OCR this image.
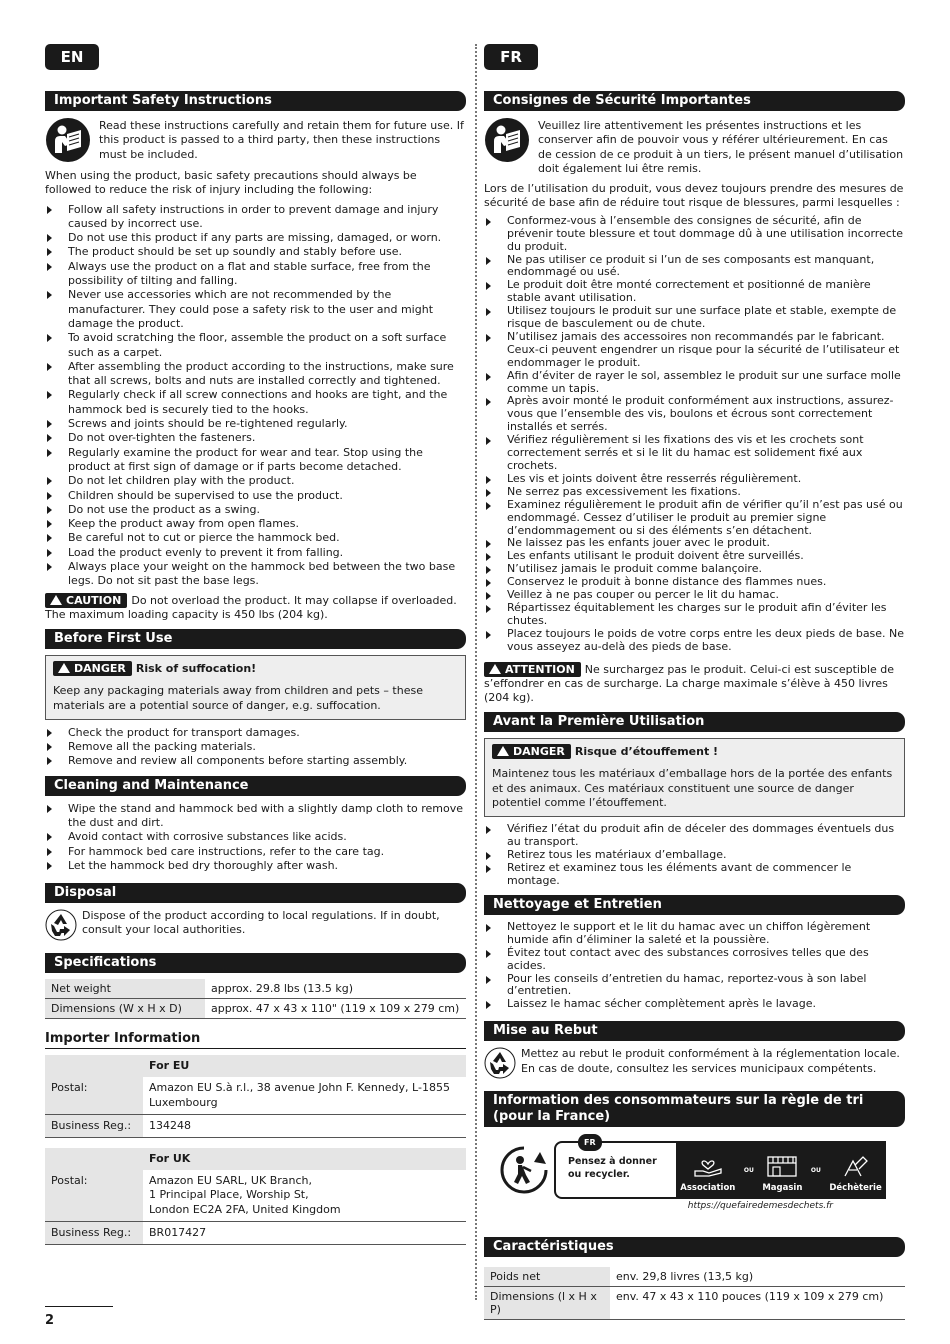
EN
Important Safety Instructions
Read these instructions carefully and retain them for future use. If this product is passed to a third party, then these instructions must be included.
When using the product, basic safety precautions should always be followed to reduce the risk of injury including the following:
Follow all safety instructions in order to prevent damage and injury caused by incorrect use.
Do not use this product if any parts are missing, damaged, or worn.
The product should be set up soundly and stably before use.
Always use the product on a flat and stable surface, free from the possibility of tilting and falling.
Never use accessories which are not recommended by the manufacturer. They could pose a safety risk to the user and might damage the product.
To avoid scratching the floor, assemble the product on a soft surface such as a carpet.
After assembling the product according to the instructions, make sure that all screws, bolts and nuts are installed correctly and tightened.
Regularly check if all screw connections and hooks are tight, and the hammock bed is securely tied to the hooks.
Screws and joints should be re-tightened regularly.
Do not over-tighten the fasteners.
Regularly examine the product for wear and tear. Stop using the product at first sign of damage or if parts become detached.
Do not let children play with the product.
Children should be supervised to use the product.
Do not use the product as a swing.
Keep the product away from open flames.
Be careful not to cut or pierce the hammock bed.
Load the product evenly to prevent it from falling.
Always place your weight on the hammock bed between the two base legs. Do not sit past the base legs.
CAUTION Do not overload the product. It may collapse if overloaded. The maximum loading capacity is 450 lbs (204 kg).
Before First Use
DANGER Risk of suffocation!
Keep any packaging materials away from children and pets – these materials are a potential source of danger, e.g. suffocation.
Check the product for transport damages.
Remove all the packing materials.
Remove and review all components before starting assembly.
Cleaning and Maintenance
Wipe the stand and hammock bed with a slightly damp cloth to remove the dust and dirt.
Avoid contact with corrosive substances like acids.
For hammock bed care instructions, refer to the care tag.
Let the hammock bed dry thoroughly after wash.
Disposal
Dispose of the product according to local regulations. If in doubt, consult your local authorities.
Specifications
Net weight	approx. 29.8 lbs (13.5 kg)
Dimensions (W x H x D)	approx. 47 x 43 x 110" (119 x 109 x 279 cm)
Importer Information

	For EU
Postal:	Amazon EU S.à r.l., 38 avenue John F. Kennedy, L-1855 Luxembourg
Business Reg.:	134248

	For UK
Postal:	Amazon EU SARL, UK Branch,
1 Principal Place, Worship St,
London EC2A 2FA, United Kingdom

Business Reg.:	BR017427
FR
Consignes de Sécurité Importantes
Veuillez lire attentivement les présentes instructions et les conserver afin de pouvoir vous y référer ultérieurement. En cas de cession de ce produit à un tiers, le présent manuel d’utilisation doit également lui être remis.
Lors de l’utilisation du produit, vous devez toujours prendre des mesures de sécurité de base afin de réduire tout risque de blessures, parmi lesquelles :
Conformez-vous à l’ensemble des consignes de sécurité, afin de prévenir toute blessure et tout dommage dû à une utilisation incorrecte du produit.
Ne pas utiliser ce produit si l’un de ses composants est manquant, endommagé ou usé.
Le produit doit être monté correctement et positionné de manière stable avant utilisation.
Utilisez toujours le produit sur une surface plate et stable, exempte de risque de basculement ou de chute.
N’utilisez jamais des accessoires non recommandés par le fabricant. Ceux-ci peuvent engendrer un risque pour la sécurité de l’utilisateur et endommager le produit.
Afin d’éviter de rayer le sol, assemblez le produit sur une surface molle comme un tapis.
Après avoir monté le produit conformément aux instructions, assurez-vous que l’ensemble des vis, boulons et écrous sont correctement installés et serrés.
Vérifiez régulièrement si les fixations des vis et les crochets sont correctement serrés et si le lit du hamac est solidement fixé aux crochets.
Les vis et joints doivent être resserrés régulièrement.
Ne serrez pas excessivement les fixations.
Examinez régulièrement le produit afin de vérifier qu’il n’est pas usé ou endommagé. Cessez d’utiliser le produit au premier signe d’endommagement ou si des éléments s’en détachent.
Ne laissez pas les enfants jouer avec le produit.
Les enfants utilisant le produit doivent être surveillés.
N’utilisez jamais le produit comme balançoire.
Conservez le produit à bonne distance des flammes nues.
Veillez à ne pas couper ou percer le lit du hamac.
Répartissez équitablement les charges sur le produit afin d’éviter les chutes.
Placez toujours le poids de votre corps entre les deux pieds de base. Ne vous asseyez au-delà des pieds de base.
ATTENTION Ne surchargez pas le produit. Celui-ci est susceptible de s’effondrer en cas de surcharge. La charge maximale s’élève à 450 livres (204 kg).
Avant la Première Utilisation
DANGER Risque d’étouffement !
Maintenez tous les matériaux d’emballage hors de la portée des enfants et des animaux. Ces matériaux constituent une source de danger potentiel comme l’étouffement.
Vérifiez l’état du produit afin de déceler des dommages éventuels dus au transport.
Retirez tous les matériaux d’emballage.
Retirez et examinez tous les éléments avant de commencer le montage.
Nettoyage et Entretien
Nettoyez le support et le lit du hamac avec un chiffon légèrement humide afin d’éliminer la saleté et la poussière.
Évitez tout contact avec des substances corrosives telles que des acides.
Pour les conseils d’entretien du hamac, reportez-vous à son label d’entretien.
Laissez le hamac sécher complètement après le lavage.
Mise au Rebut
Mettez au rebut le produit conformément à la réglementation locale. En cas de doute, consultez les services municipaux compétents.
Information des consommateurs sur la règle de tri (pour la France)
FR
Pensez à donner ou recycler.
Association
OU
Magasin
OU
Déchèterie
https://quefairedemesdechets.fr
Caractéristiques
Poids net	env. 29,8 livres (13,5 kg)
Dimensions (l x H x P)	env. 47 x 43 x 110 pouces (119 x 109 x 279 cm)
2
